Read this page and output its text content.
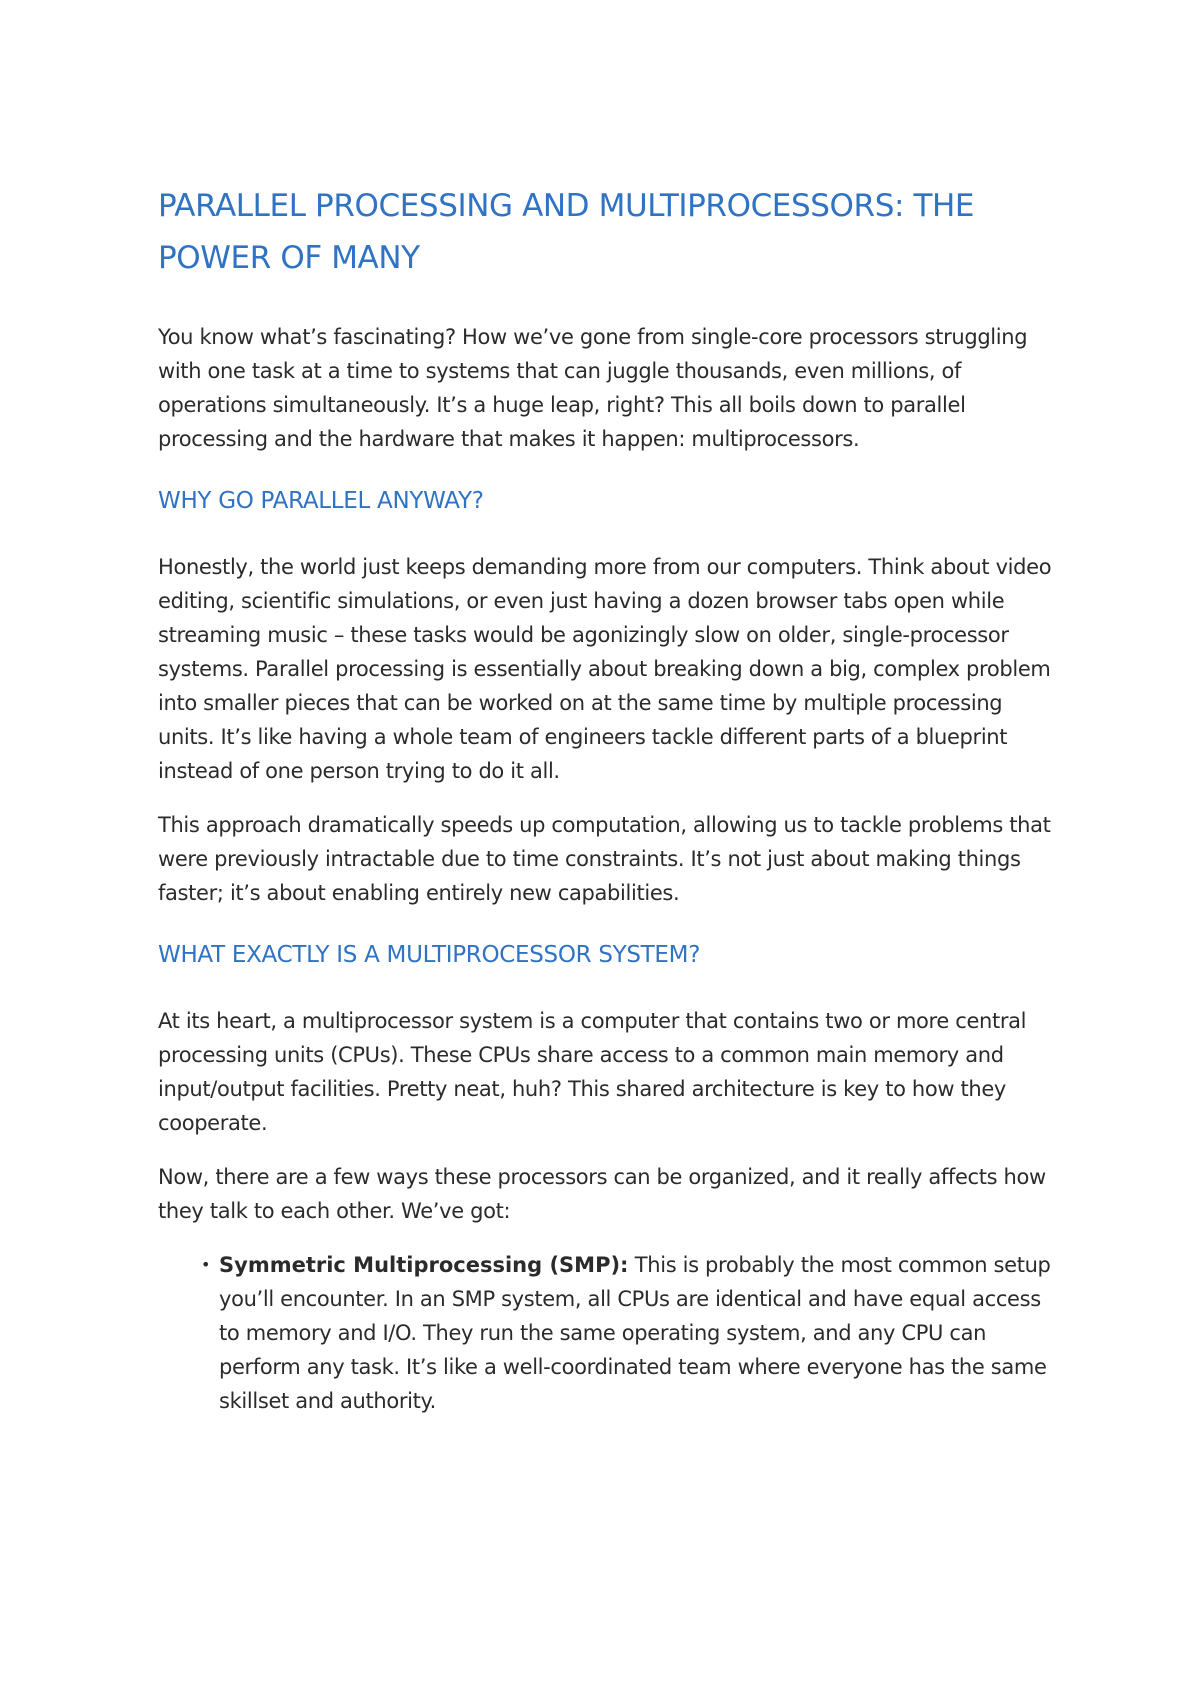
PARALLEL PROCESSING AND MULTIPROCESSORS: THE POWER OF MANY

You know what’s fascinating? How we’ve gone from single-core processors struggling with one task at a time to systems that can juggle thousands, even millions, of operations simultaneously. It’s a huge leap, right? This all boils down to parallel processing and the hardware that makes it happen: multiprocessors.

WHY GO PARALLEL ANYWAY?

Honestly, the world just keeps demanding more from our computers. Think about video editing, scientific simulations, or even just having a dozen browser tabs open while streaming music – these tasks would be agonizingly slow on older, single-processor systems. Parallel processing is essentially about breaking down a big, complex problem into smaller pieces that can be worked on at the same time by multiple processing units. It’s like having a whole team of engineers tackle different parts of a blueprint instead of one person trying to do it all.

This approach dramatically speeds up computation, allowing us to tackle problems that were previously intractable due to time constraints. It’s not just about making things faster; it’s about enabling entirely new capabilities.

WHAT EXACTLY IS A MULTIPROCESSOR SYSTEM?

At its heart, a multiprocessor system is a computer that contains two or more central processing units (CPUs). These CPUs share access to a common main memory and input/output facilities. Pretty neat, huh? This shared architecture is key to how they cooperate.

Now, there are a few ways these processors can be organized, and it really affects how they talk to each other. We’ve got:

• Symmetric Multiprocessing (SMP): This is probably the most common setup you’ll encounter. In an SMP system, all CPUs are identical and have equal access to memory and I/O. They run the same operating system, and any CPU can perform any task. It’s like a well-coordinated team where everyone has the same skillset and authority.
